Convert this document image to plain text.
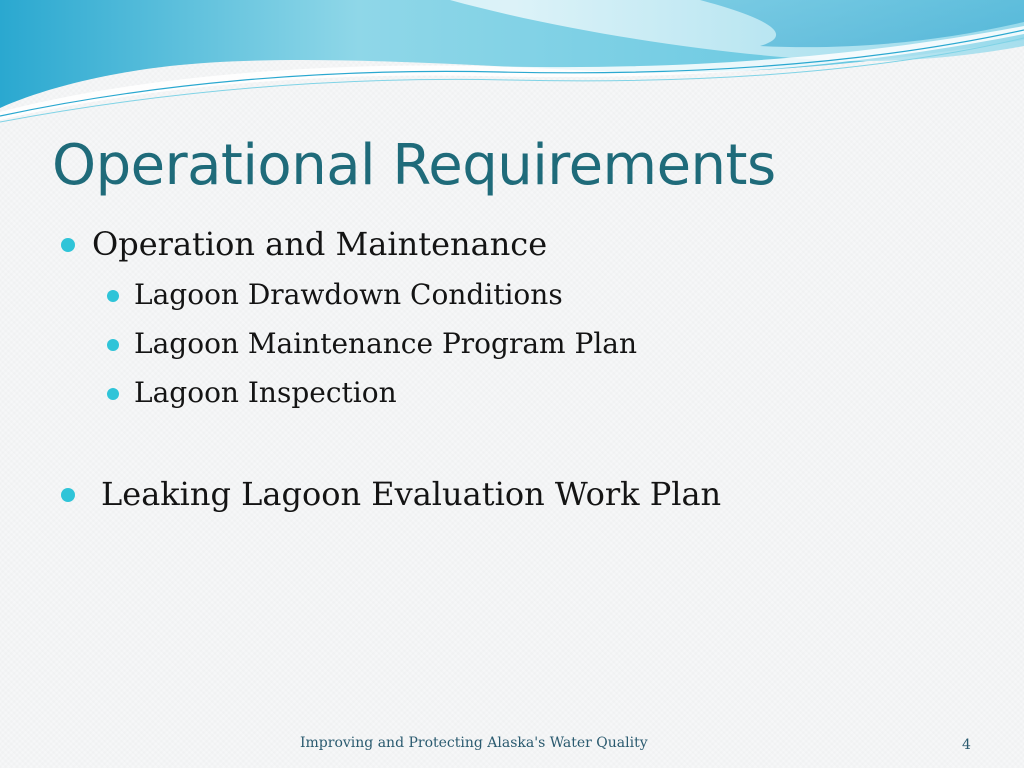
Operational Requirements
Operation and Maintenance
Lagoon Drawdown Conditions
Lagoon Maintenance Program Plan
Lagoon Inspection
Leaking Lagoon Evaluation Work Plan
Improving and Protecting Alaska's Water Quality	4
